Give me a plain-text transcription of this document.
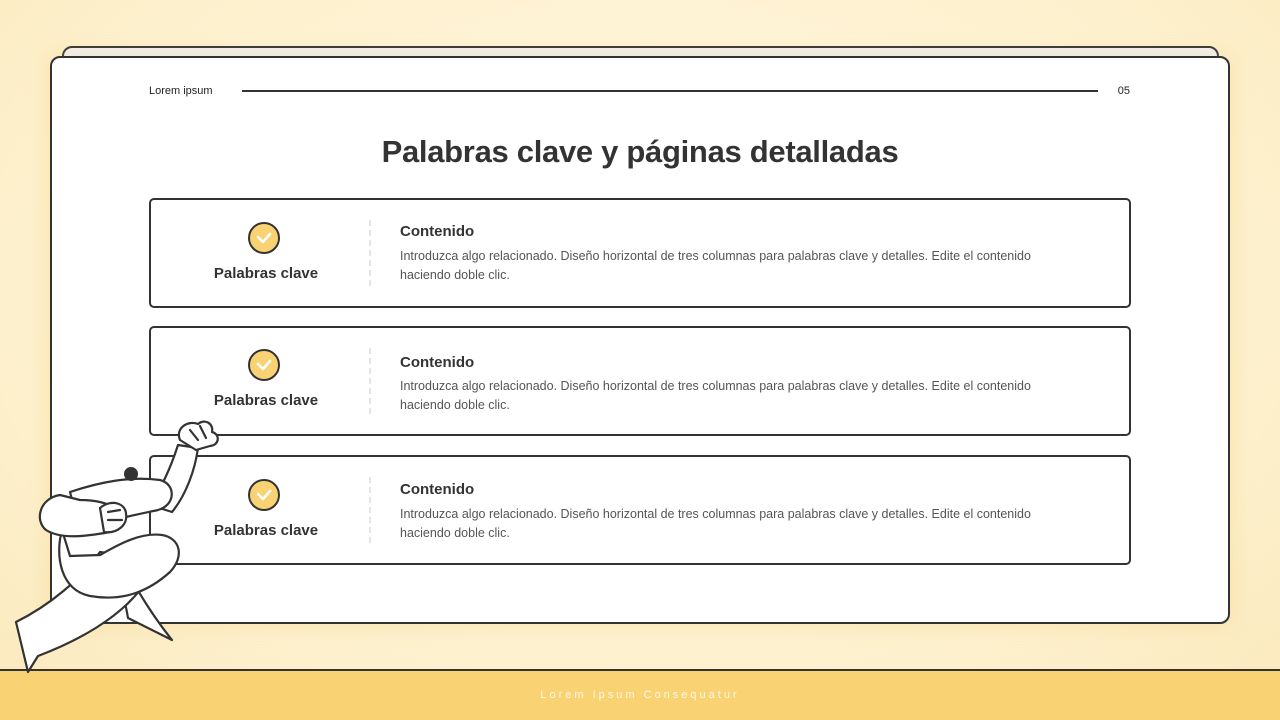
Lorem ipsum	05
Palabras clave y páginas detalladas
Palabras clave
Contenido
Introduzca algo relacionado. Diseño horizontal de tres columnas para palabras clave y detalles. Edite el contenido haciendo doble clic.
Palabras clave
Contenido
Introduzca algo relacionado. Diseño horizontal de tres columnas para palabras clave y detalles. Edite el contenido haciendo doble clic.
Palabras clave
Contenido
Introduzca algo relacionado. Diseño horizontal de tres columnas para palabras clave y detalles. Edite el contenido haciendo doble clic.
Lorem Ipsum Consequatur
